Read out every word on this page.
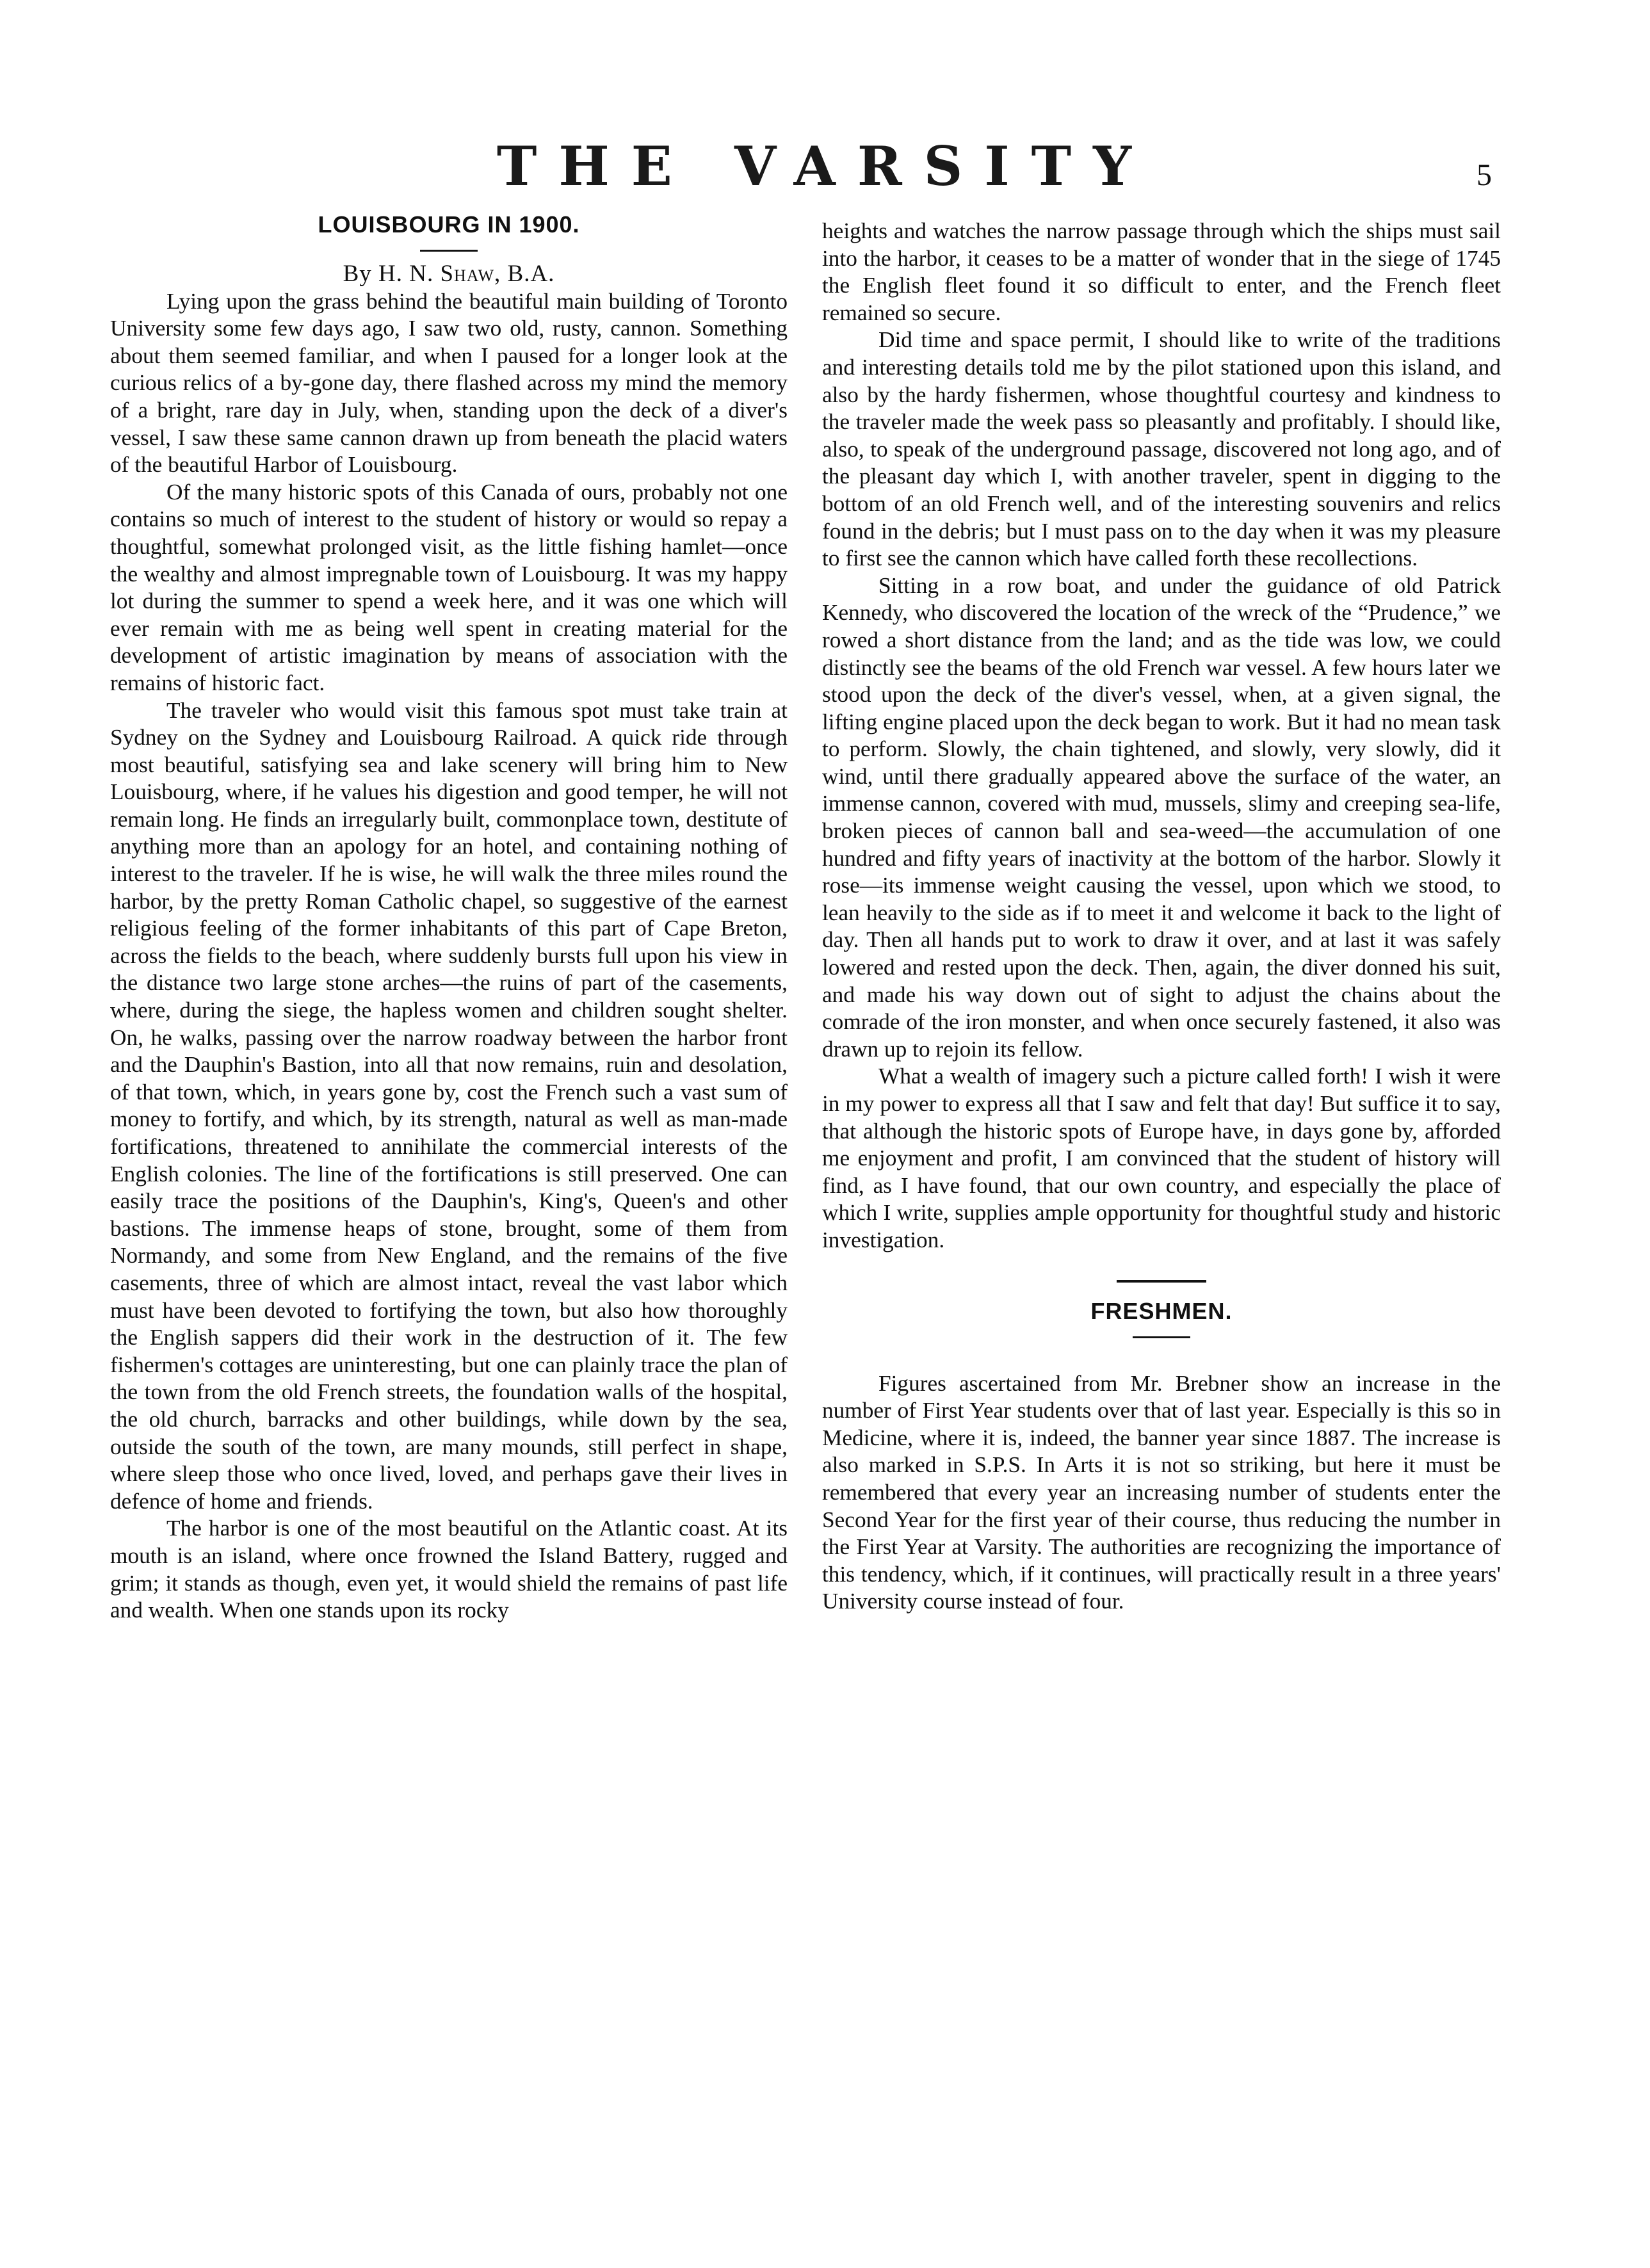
THE VARSITY	5
LOUISBOURG IN 1900.

By H. N. Shaw, B.A.

Lying upon the grass behind the beautiful main building of Toronto University some few days ago, I saw two old, rusty, cannon. Something about them seemed familiar, and when I paused for a longer look at the curious relics of a by-gone day, there flashed across my mind the memory of a bright, rare day in July, when, standing upon the deck of a diver's vessel, I saw these same cannon drawn up from beneath the placid waters of the beautiful Harbor of Louisbourg.

Of the many historic spots of this Canada of ours, probably not one contains so much of interest to the student of history or would so repay a thoughtful, somewhat prolonged visit, as the little fishing hamlet—once the wealthy and almost impregnable town of Louisbourg. It was my happy lot during the summer to spend a week here, and it was one which will ever remain with me as being well spent in creating material for the development of artistic imagination by means of association with the remains of historic fact.

The traveler who would visit this famous spot must take train at Sydney on the Sydney and Louisbourg Railroad. A quick ride through most beautiful, satisfying sea and lake scenery will bring him to New Louisbourg, where, if he values his digestion and good temper, he will not remain long. He finds an irregularly built, commonplace town, destitute of anything more than an apology for an hotel, and containing nothing of interest to the traveler. If he is wise, he will walk the three miles round the harbor, by the pretty Roman Catholic chapel, so suggestive of the earnest religious feeling of the former inhabitants of this part of Cape Breton, across the fields to the beach, where suddenly bursts full upon his view in the distance two large stone arches—the ruins of part of the casements, where, during the siege, the hapless women and children sought shelter. On, he walks, passing over the narrow roadway between the harbor front and the Dauphin's Bastion, into all that now remains, ruin and desolation, of that town, which, in years gone by, cost the French such a vast sum of money to fortify, and which, by its strength, natural as well as man-made fortifications, threatened to annihilate the commercial interests of the English colonies. The line of the fortifications is still preserved. One can easily trace the positions of the Dauphin's, King's, Queen's and other bastions. The immense heaps of stone, brought, some of them from Normandy, and some from New England, and the remains of the five casements, three of which are almost intact, reveal the vast labor which must have been devoted to fortifying the town, but also how thoroughly the English sappers did their work in the destruction of it. The few fishermen's cottages are uninteresting, but one can plainly trace the plan of the town from the old French streets, the foundation walls of the hospital, the old church, barracks and other buildings, while down by the sea, outside the south of the town, are many mounds, still perfect in shape, where sleep those who once lived, loved, and perhaps gave their lives in defence of home and friends.

The harbor is one of the most beautiful on the Atlantic coast. At its mouth is an island, where once frowned the Island Battery, rugged and grim; it stands as though, even yet, it would shield the remains of past life and wealth. When one stands upon its rocky

heights and watches the narrow passage through which the ships must sail into the harbor, it ceases to be a matter of wonder that in the siege of 1745 the English fleet found it so difficult to enter, and the French fleet remained so secure.

Did time and space permit, I should like to write of the traditions and interesting details told me by the pilot stationed upon this island, and also by the hardy fishermen, whose thoughtful courtesy and kindness to the traveler made the week pass so pleasantly and profitably. I should like, also, to speak of the underground passage, discovered not long ago, and of the pleasant day which I, with another traveler, spent in digging to the bottom of an old French well, and of the interesting souvenirs and relics found in the debris; but I must pass on to the day when it was my pleasure to first see the cannon which have called forth these recollections.

Sitting in a row boat, and under the guidance of old Patrick Kennedy, who discovered the location of the wreck of the “Prudence,” we rowed a short distance from the land; and as the tide was low, we could distinctly see the beams of the old French war vessel. A few hours later we stood upon the deck of the diver's vessel, when, at a given signal, the lifting engine placed upon the deck began to work. But it had no mean task to perform. Slowly, the chain tightened, and slowly, very slowly, did it wind, until there gradually appeared above the surface of the water, an immense cannon, covered with mud, mussels, slimy and creeping sea-life, broken pieces of cannon ball and sea-weed—the accumulation of one hundred and fifty years of inactivity at the bottom of the harbor. Slowly it rose—its immense weight causing the vessel, upon which we stood, to lean heavily to the side as if to meet it and welcome it back to the light of day. Then all hands put to work to draw it over, and at last it was safely lowered and rested upon the deck. Then, again, the diver donned his suit, and made his way down out of sight to adjust the chains about the comrade of the iron monster, and when once securely fastened, it also was drawn up to rejoin its fellow.

What a wealth of imagery such a picture called forth! I wish it were in my power to express all that I saw and felt that day! But suffice it to say, that although the historic spots of Europe have, in days gone by, afforded me enjoyment and profit, I am convinced that the student of history will find, as I have found, that our own country, and especially the place of which I write, supplies ample opportunity for thoughtful study and historic investigation.

FRESHMEN.

Figures ascertained from Mr. Brebner show an increase in the number of First Year students over that of last year. Especially is this so in Medicine, where it is, indeed, the banner year since 1887. The increase is also marked in S.P.S. In Arts it is not so striking, but here it must be remembered that every year an increasing number of students enter the Second Year for the first year of their course, thus reducing the number in the First Year at Varsity. The authorities are recognizing the importance of this tendency, which, if it continues, will practically result in a three years' University course instead of four.
